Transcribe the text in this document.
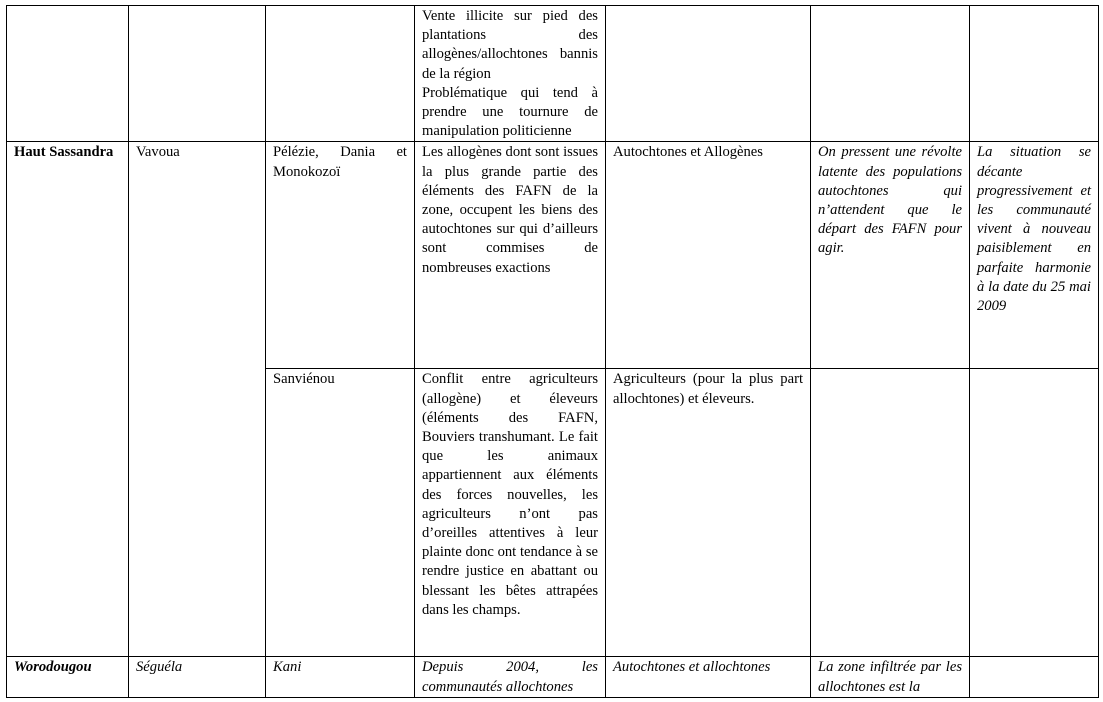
			Vente illicite sur pied des plantations des allogènes/allochtones bannis de la région
Problématique qui tend à prendre une tournure de manipulation politicienne			

Haut Sassandra	Vavoua	Pélézie, Dania et Monokozoï	Les allogènes dont sont issues la plus grande partie des éléments des FAFN de la zone, occupent les biens des autochtones sur qui d’ailleurs sont commises de nombreuses exactions	Autochtones et Allogènes	On pressent une révolte latente des populations autochtones qui n’attendent que le départ des FAFN pour agir.	La situation se décante progressivement et les communauté vivent à nouveau paisiblement en parfaite harmonie à la date du 25 mai 2009
		Sanviénou	Conflit entre agriculteurs (allogène) et éleveurs (éléments des FAFN, Bouviers transhumant. Le fait que les animaux appartiennent aux éléments des forces nouvelles, les agriculteurs n’ont pas d’oreilles attentives à leur plainte donc ont tendance à se rendre justice en abattant ou blessant les bêtes attrapées dans les champs.	Agriculteurs (pour la plus part allochtones) et éleveurs.		
Worodougou	Séguéla	Kani	Depuis 2004, les communautés allochtones	Autochtones et allochtones	La zone infiltrée par les allochtones est la	
